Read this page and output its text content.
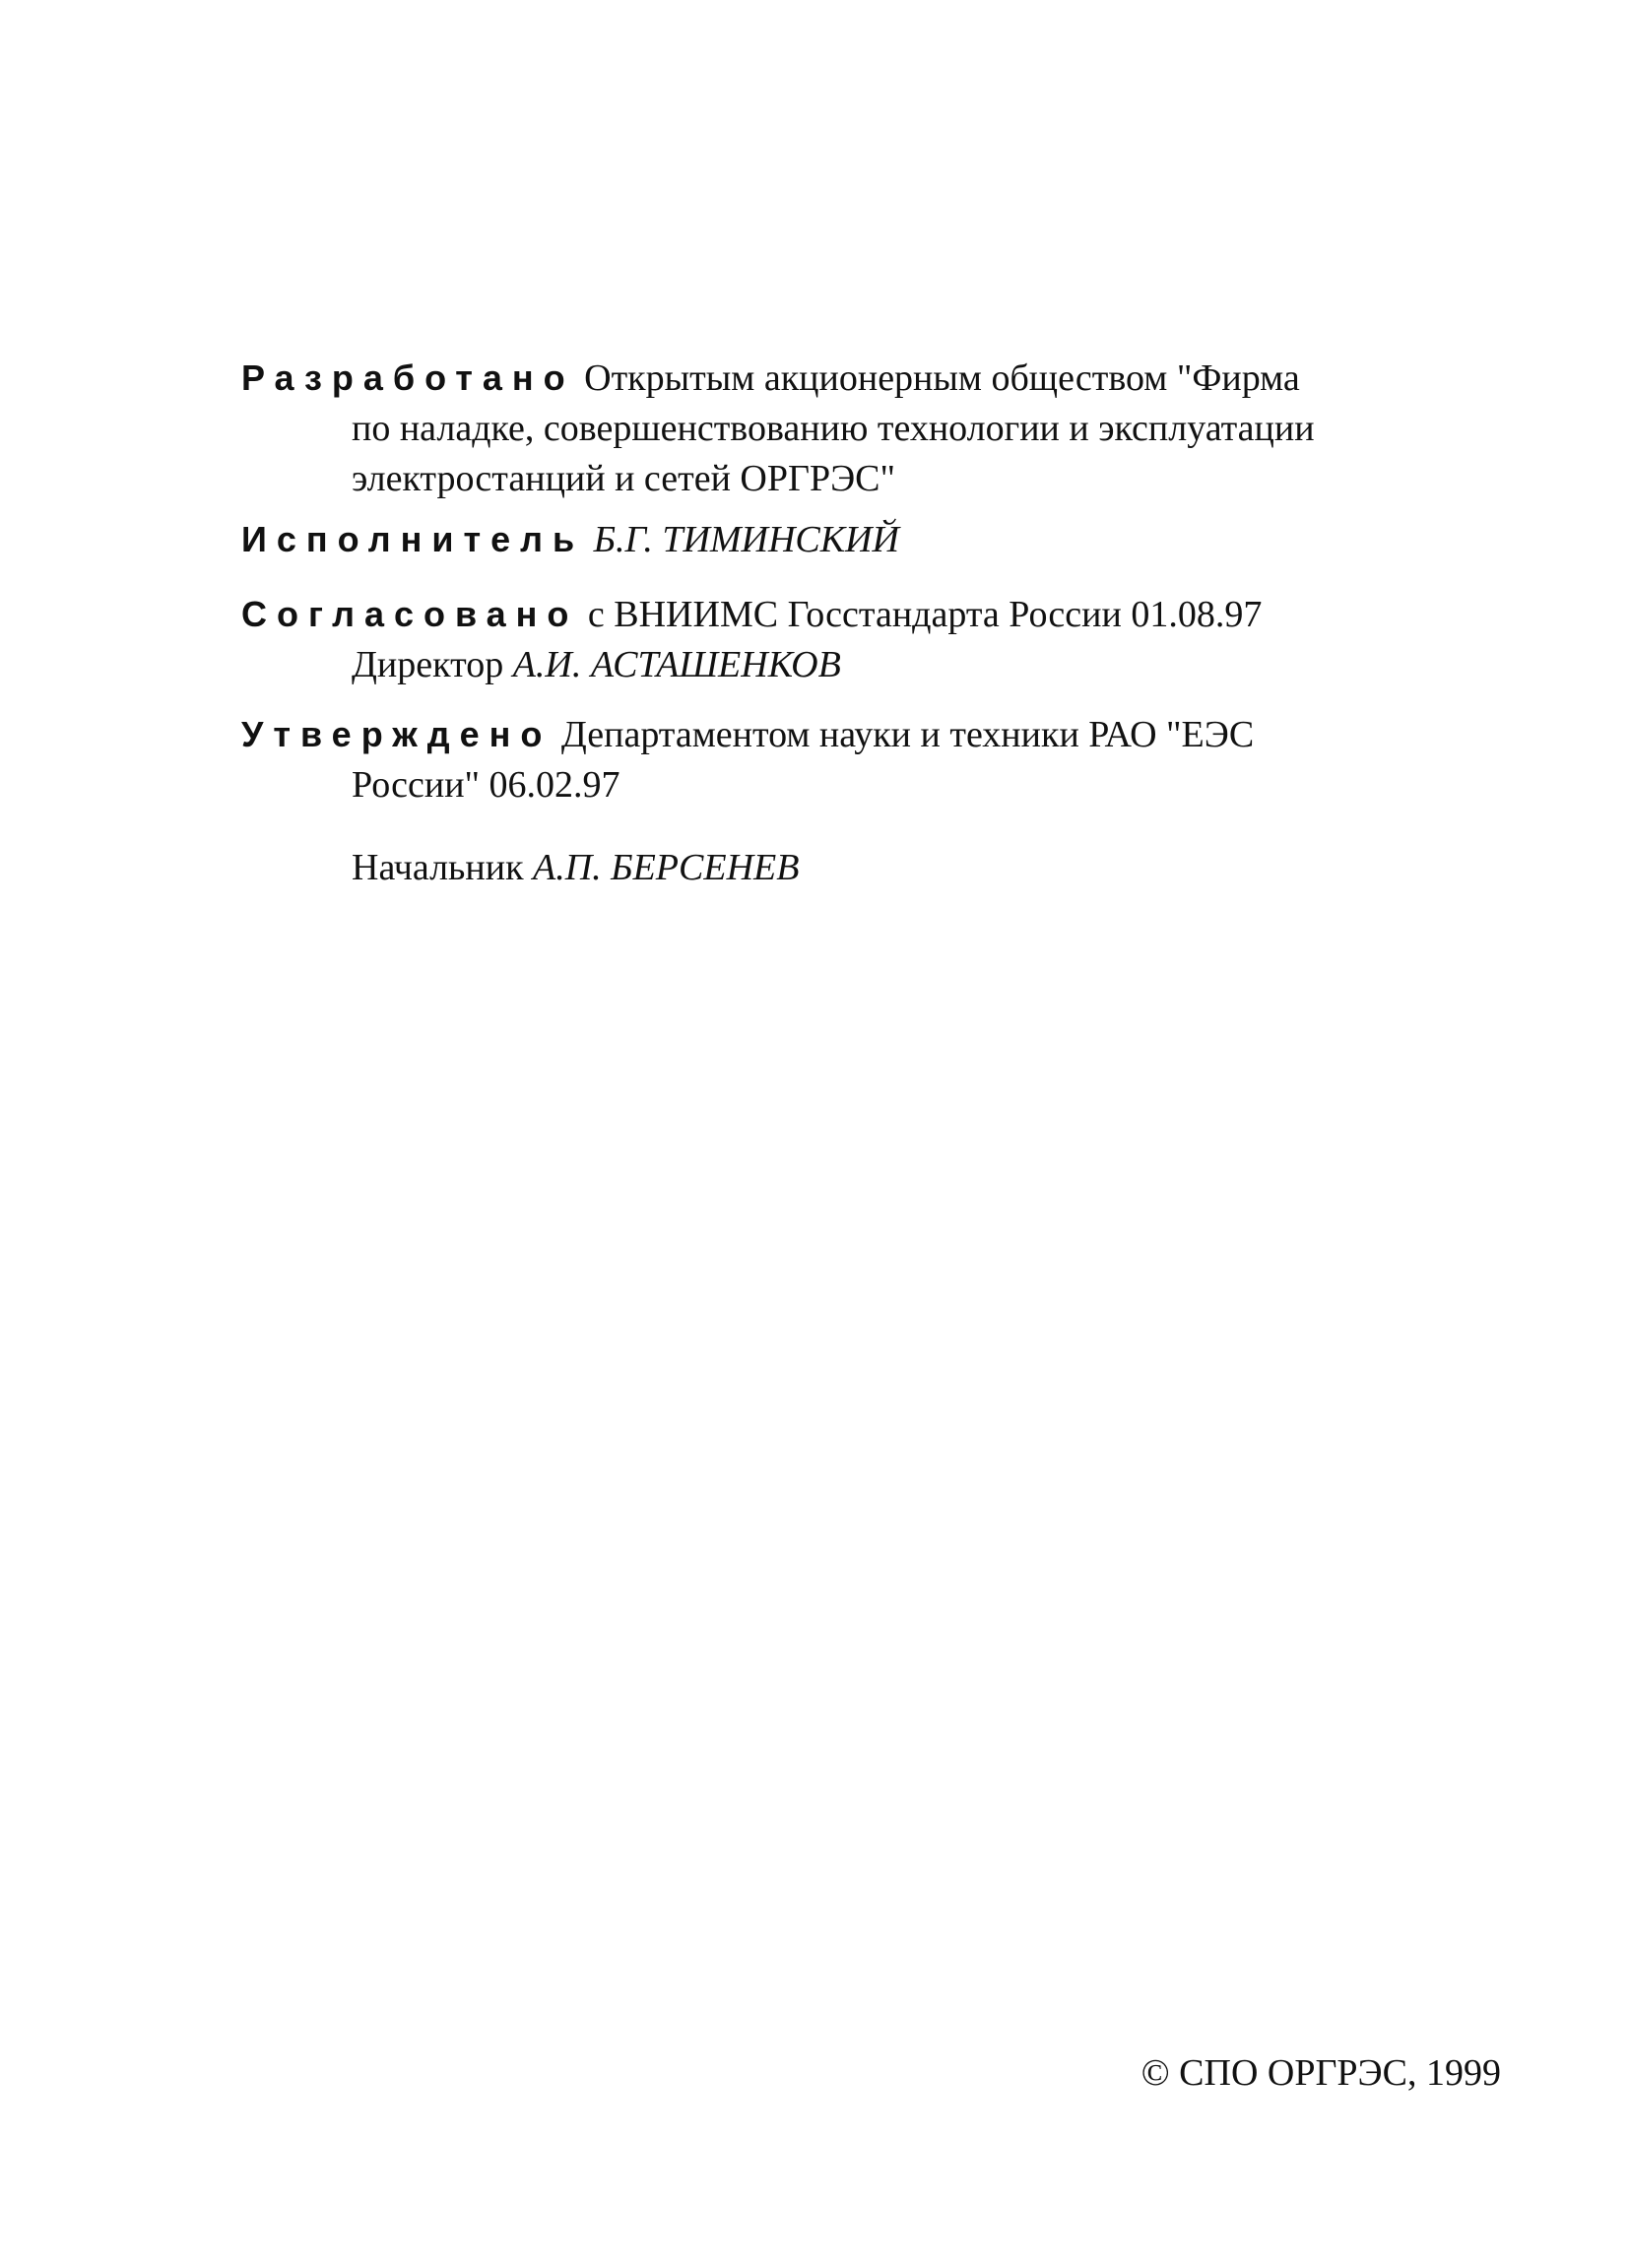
Разработано Открытым акционерным обществом "Фирма
по наладке, совершенствованию технологии и эксплуатации
электростанций и сетей ОРГРЭС"
Исполнитель Б.Г. ТИМИНСКИЙ
Согласовано с ВНИИМС Госстандарта России 01.08.97
Директор А.И. АСТАШЕНКОВ
Утверждено Департаментом науки и техники РАО "ЕЭС
России" 06.02.97
Начальник А.П. БЕРСЕНЕВ
© СПО ОРГРЭС, 1999
